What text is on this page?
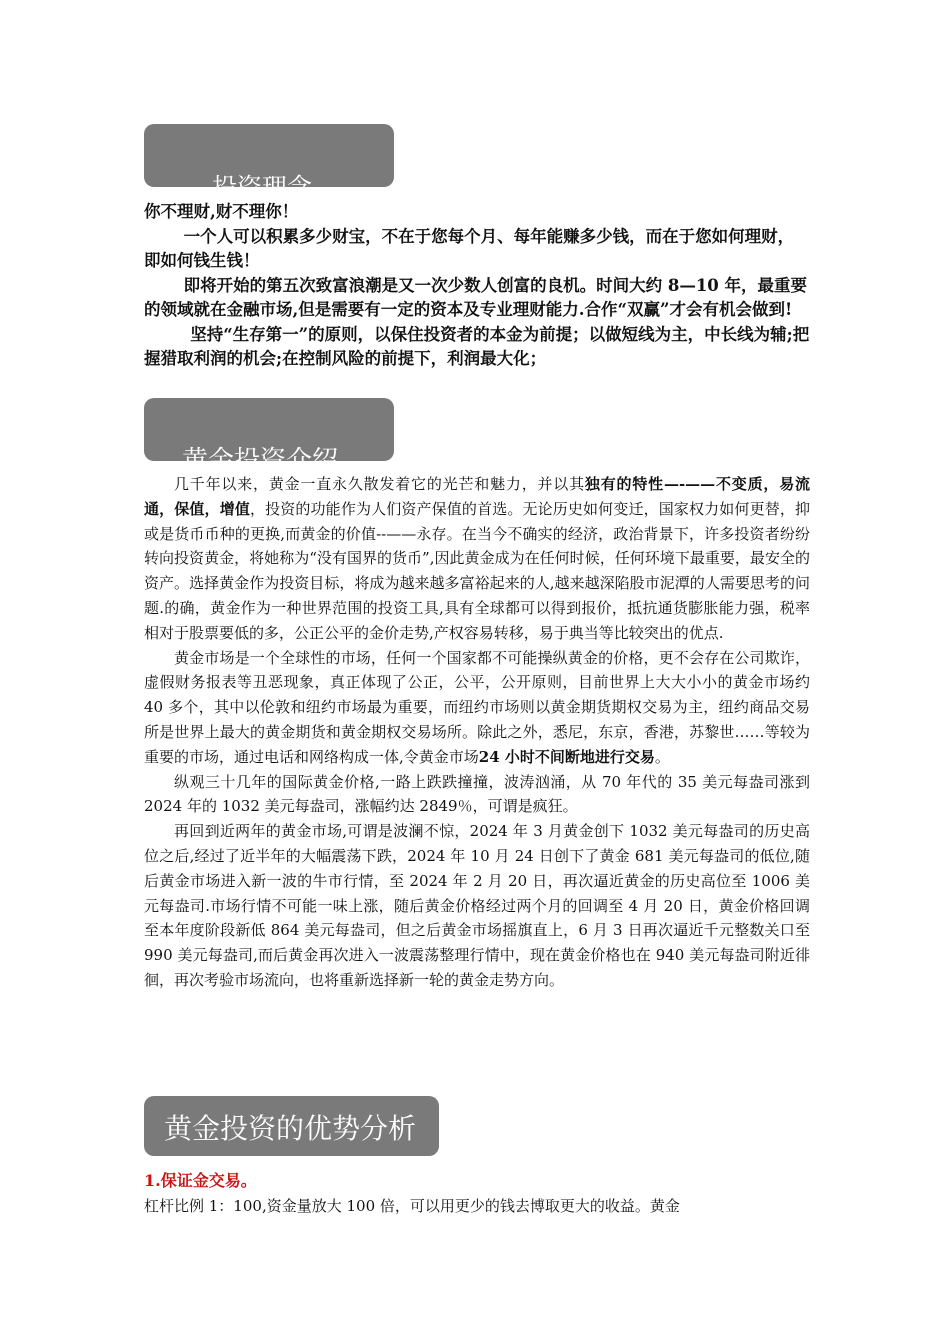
投资理念

你不理财,财不理你！

一个人可以积累多少财宝，不在于您每个月、每年能赚多少钱，而在于您如何理财，即如何钱生钱！

即将开始的第五次致富浪潮是又一次少数人创富的良机。时间大约 8—10 年，最重要的领域就在金融市场,但是需要有一定的资本及专业理财能力.合作“双赢”才会有机会做到!

坚持“生存第一”的原则，以保住投资者的本金为前提；以做短线为主，中长线为辅;把握猎取利润的机会;在控制风险的前提下，利润最大化；

黄金投资介绍

几千年以来，黄金一直永久散发着它的光芒和魅力，并以其独有的特性—-——不变质，易流通，保值，增值，投资的功能作为人们资产保值的首选。无论历史如何变迁，国家权力如何更替，抑或是货币币种的更换,而黄金的价值--——永存。在当今不确实的经济，政治背景下，许多投资者纷纷转向投资黄金，将她称为“没有国界的货币”,因此黄金成为在任何时候，任何环境下最重要，最安全的资产。选择黄金作为投资目标，将成为越来越多富裕起来的人,越来越深陷股市泥潭的人需要思考的问题.的确，黄金作为一种世界范围的投资工具,具有全球都可以得到报价，抵抗通货膨胀能力强，税率相对于股票要低的多，公正公平的金价走势,产权容易转移，易于典当等比较突出的优点.

黄金市场是一个全球性的市场，任何一个国家都不可能操纵黄金的价格，更不会存在公司欺诈，虚假财务报表等丑恶现象，真正体现了公正，公平，公开原则，目前世界上大大小小的黄金市场约 40 多个，其中以伦敦和纽约市场最为重要，而纽约市场则以黄金期货期权交易为主，纽约商品交易所是世界上最大的黄金期货和黄金期权交易场所。除此之外，悉尼，东京，香港，苏黎世……等较为重要的市场，通过电话和网络构成一体,令黄金市场24 小时不间断地进行交易。

纵观三十几年的国际黄金价格,一路上跌跌撞撞，波涛汹涌，从 70 年代的 35 美元每盎司涨到 2024 年的 1032 美元每盎司，涨幅约达 2849％，可谓是疯狂。

再回到近两年的黄金市场,可谓是波澜不惊，2024 年 3 月黄金创下 1032 美元每盎司的历史高位之后,经过了近半年的大幅震荡下跌，2024 年 10 月 24 日创下了黄金 681 美元每盎司的低位,随后黄金市场进入新一波的牛市行情，至 2024 年 2 月 20 日，再次逼近黄金的历史高位至 1006 美元每盎司.市场行情不可能一味上涨，随后黄金价格经过两个月的回调至 4 月 20 日，黄金价格回调至本年度阶段新低 864 美元每盎司，但之后黄金市场摇旗直上，6 月 3 日再次逼近千元整数关口至 990 美元每盎司,而后黄金再次进入一波震荡整理行情中，现在黄金价格也在 940 美元每盎司附近徘徊，再次考验市场流向，也将重新选择新一轮的黄金走势方向。

黄金投资的优势分析

1.保证金交易。

杠杆比例 1：100,资金量放大 100 倍，可以用更少的钱去博取更大的收益。黄金
